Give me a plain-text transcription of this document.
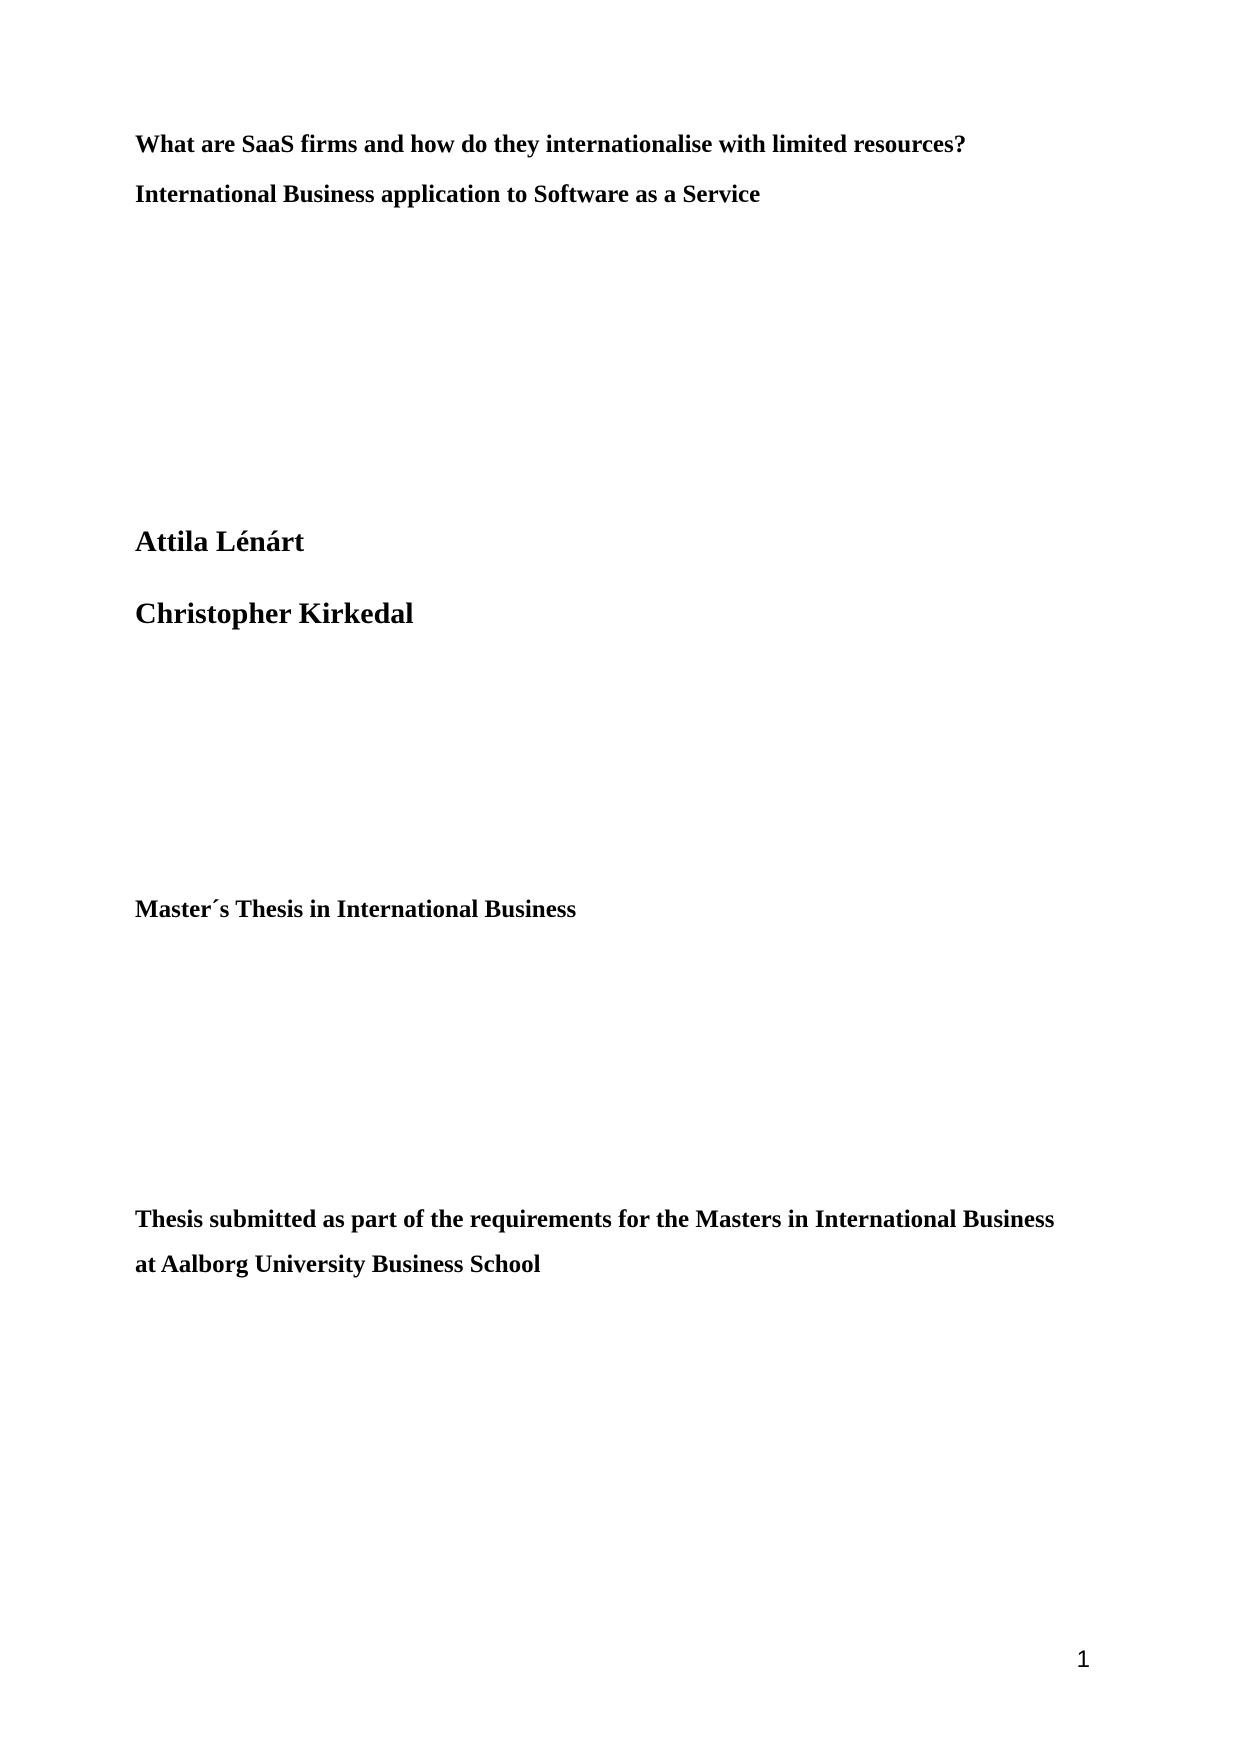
What are SaaS firms and how do they internationalise with limited resources?
International Business application to Software as a Service
Attila Lénárt
Christopher Kirkedal
Master´s Thesis in International Business
Thesis submitted as part of the requirements for the Masters in International Business
at Aalborg University Business School
1
